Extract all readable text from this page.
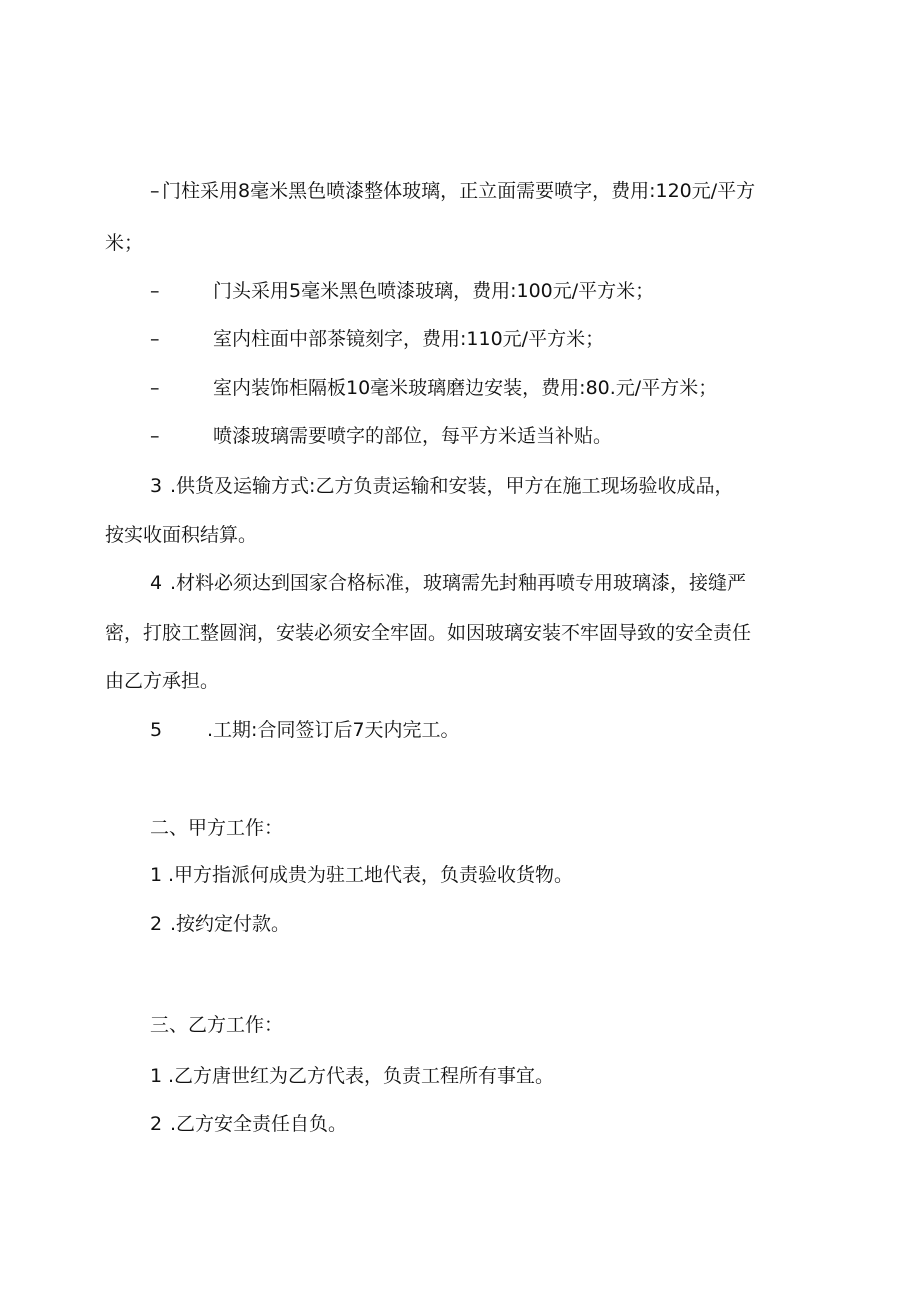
– 门柱采用8毫米黑色喷漆整体玻璃，正立面需要喷字，费用:120元/平方
米；
–	门头采用5毫米黑色喷漆玻璃，费用:100元/平方米；
–	室内柱面中部茶镜刻字，费用:110元/平方米；
–	室内装饰柜隔板10毫米玻璃磨边安装，费用:80.元/平方米；
–	喷漆玻璃需要喷字的部位，每平方米适当补贴。
3 .供货及运输方式:乙方负责运输和安装，甲方在施工现场验收成品，
按实收面积结算。
4 .材料必须达到国家合格标准，玻璃需先封釉再喷专用玻璃漆，接缝严
密，打胶工整圆润，安装必须安全牢固。如因玻璃安装不牢固导致的安全责任
由乙方承担。
5 .工期:合同签订后7天内完工。
二、甲方工作：
1 .甲方指派何成贵为驻工地代表，负责验收货物。
2 .按约定付款。
三、乙方工作：
1 .乙方唐世红为乙方代表，负责工程所有事宜。
2 .乙方安全责任自负。
